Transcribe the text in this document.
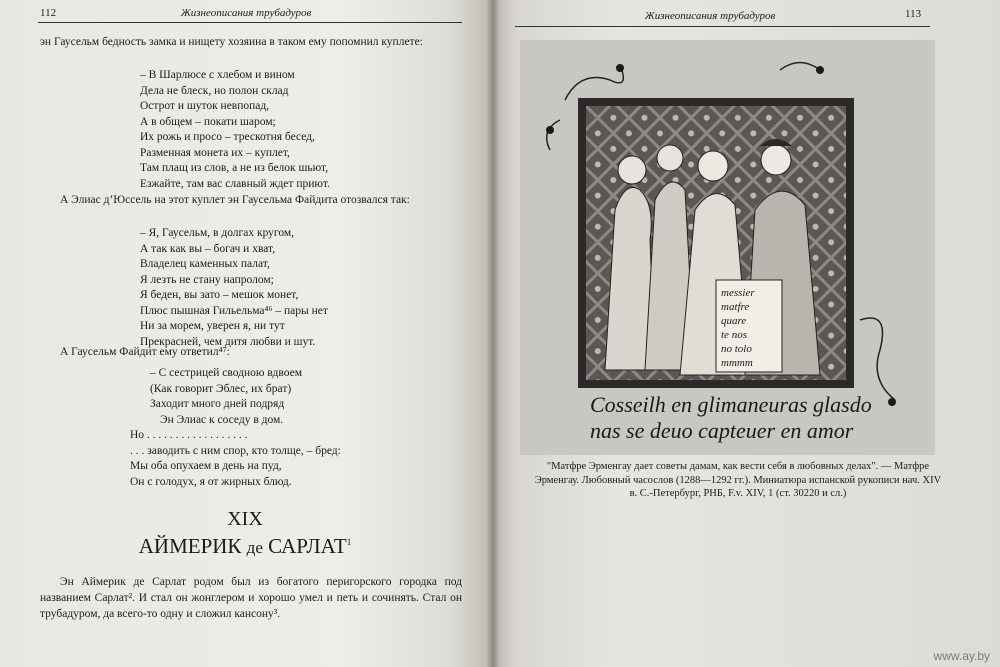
112	Жизнеописания трубадуров

эн Гаусельм бедность замка и нищету хозяина в таком ему попомнил куплете:

– В Шарлюсе с хлебом и вином
Дела не блеск, но полон склад
Острот и шуток невпопад,
А в общем – покати шаром;
Их рожь и просо – трескотня бесед,
Разменная монета их – куплет,
Там плащ из слов, а не из белок шьют,
Езжайте, там вас славный ждет приют.

А Элиас д’Юссель на этот куплет эн Гаусельма Файдита отозвался так:

– Я, Гаусельм, в долгах кругом,
А так как вы – богач и хват,
Владелец каменных палат,
Я лезть не стану напролом;
Я беден, вы зато – мешок монет,
Плюс пышная Гильельма⁴⁶ – пары нет
Ни за морем, уверен я, ни тут
Прекрасней, чем дитя любви и шут.

А Гаусельм Файдит ему ответил⁴⁷:

– С сестрицей сводною вдвоем
(Как говорит Эблес, их брат)
Заходит много дней подряд
Эн Элиас к соседу в дом.
Но . . . . . . . . . . . . . . . . . .
. . . заводить с ним спор, кто толще, – бред:
Мы оба опухаем в день на пуд,
Он с голодух, я от жирных блюд.
XIX
АЙМЕРИК де САРЛАТ$^1$

Эн Аймерик де Сарлат родом был из богатого перигорского городка под названием Сарлат². И стал он жонглером и хорошо умел и петь и сочинять. Стал он трубадуром, да всего-то одну и сложил кансону³.

Жизнеописания трубадуров	113
messier
matfre
quare
te nos
no tolo
mmmm
Cosseilh en glimaneuras glasdo
nas se deuo capteuer en amor

"Матфре Эрменгау дает советы дамам, как вести себя в любовных делах". — Матфре Эрменгау. Любовный часослов (1288—1292 гг.). Миниатюра испанской рукописи нач. XIV в. С.-Петербург, РНБ, F.v. XIV, 1 (ст. 30220 и сл.)

www.ay.by
